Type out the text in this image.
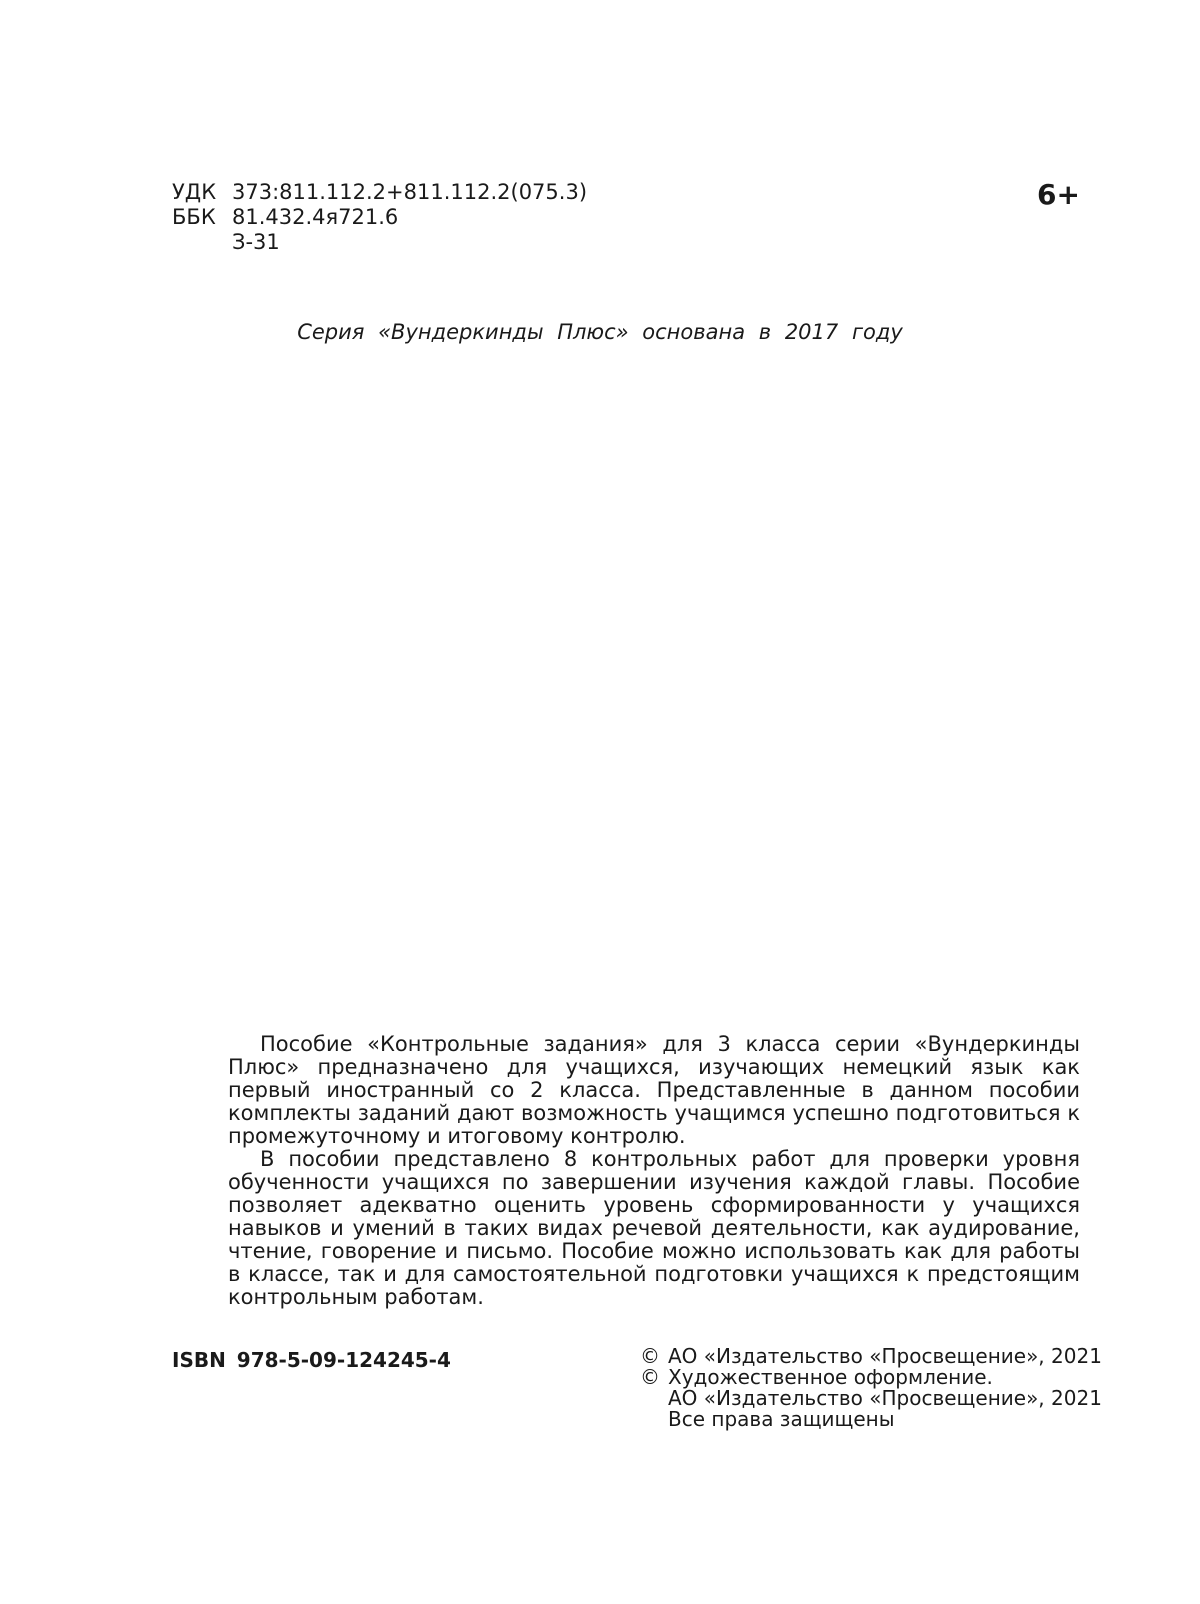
УДК 373:811.112.2+811.112.2(075.3)
ББК 81.432.4я721.6
З-31
6+
Серия «Вундеркинды Плюс» основана в 2017 году

Пособие «Контрольные задания» для 3 класса серии «Вундеркинды Плюс» предназначено для учащихся, изучающих немецкий язык как первый иностранный со 2 класса. Представленные в данном пособии комплекты заданий дают возможность учащимся успешно подготовиться к промежуточному и итоговому контролю.

В пособии представлено 8 контрольных работ для проверки уровня обученности учащихся по завершении изучения каждой главы. Пособие позволяет адекватно оценить уровень сформированности у учащихся навыков и умений в таких видах речевой деятельности, как аудирование, чтение, говорение и письмо. Пособие можно использовать как для работы в классе, так и для самостоятельной подготовки учащихся к предстоящим контрольным работам.

ISBN 978-5-09-124245-4	© АО «Издательство «Просвещение», 2021
© Художественное оформление.
АО «Издательство «Просвещение», 2021
Все права защищены
